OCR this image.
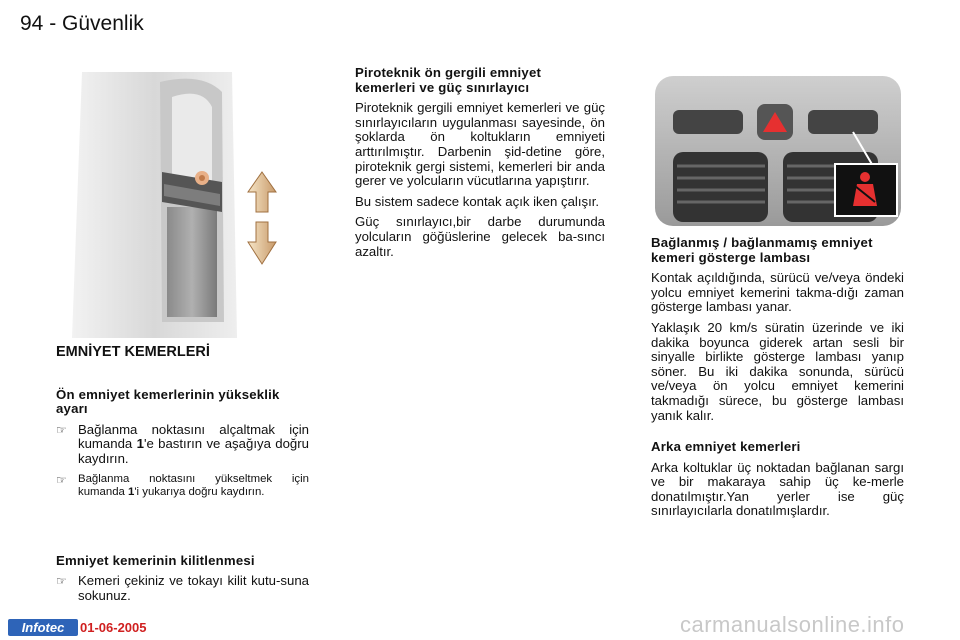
94 - Güvenlik
EMNİYET KEMERLERİ
Ön emniyet kemerlerinin yükseklik ayarı
☞ Bağlanma noktasını alçaltmak için kumanda 1'e bastırın ve aşağıya doğru kaydırın.
☞ Bağlanma noktasını yükseltmek için kumanda 1'i yukarıya doğru kaydırın.
Emniyet kemerinin kilitlenmesi
☞ Kemeri çekiniz ve tokayı kilit kutu-suna sokunuz.
Piroteknik ön gergili emniyet kemerleri ve güç sınırlayıcı

Piroteknik gergili emniyet kemerleri ve güç sınırlayıcıların uygulanması sayesinde, ön şoklarda ön koltukların emniyeti arttırılmıştır. Darbenin şid-detine göre, piroteknik gergi sistemi, kemerleri bir anda gerer ve yolcuların vücutlarına yapıştırır.

Bu sistem sadece kontak açık iken çalışır.

Güç sınırlayıcı,bir darbe durumunda yolcuların göğüslerine gelecek ba-sıncı azaltır.

Bağlanmış / bağlanmamış emniyet kemeri gösterge lambası

Kontak açıldığında, sürücü ve/veya öndeki yolcu emniyet kemerini takma-dığı zaman gösterge lambası yanar.

Yaklaşık 20 km/s süratin üzerinde ve iki dakika boyunca giderek artan sesli bir sinyalle birlikte gösterge lambası yanıp söner. Bu iki dakika sonunda, sürücü ve/veya ön yolcu emniyet kemerini takmadığı sürece, bu gösterge lambası yanık kalır.

Arka emniyet kemerleri

Arka koltuklar üç noktadan bağlanan sargı ve bir makaraya sahip üç ke-merle donatılmıştır.Yan yerler ise güç sınırlayıcılarla donatılmışlardır.

Infotec	01-06-2005	carmanualsonline.info
